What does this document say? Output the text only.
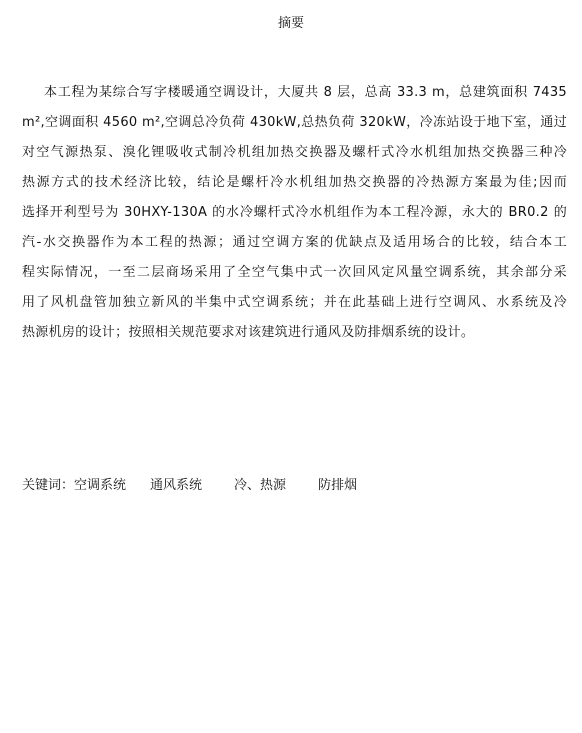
摘要
本工程为某综合写字楼暖通空调设计，大厦共 8 层，总高 33.3 m，总建筑面积 7435
m²,空调面积 4560 m²,空调总冷负荷 430kW,总热负荷 320kW，冷冻站设于地下室，通过
对空气源热泵、溴化锂吸收式制冷机组加热交换器及螺杆式冷水机组加热交换器三种冷
热源方式的技术经济比较，结论是螺杆冷水机组加热交换器的冷热源方案最为佳;因而
选择开利型号为 30HXY-130A 的水冷螺杆式冷水机组作为本工程冷源，永大的 BR0.2 的
汽-水交换器作为本工程的热源；通过空调方案的优缺点及适用场合的比较，结合本工
程实际情况，一至二层商场采用了全空气集中式一次回风定风量空调系统，其余部分采
用了风机盘管加独立新风的半集中式空调系统；并在此基础上进行空调风、水系统及冷
热源机房的设计；按照相关规范要求对该建筑进行通风及防排烟系统的设计。
关键词：空调系统 通风系统 冷、热源 防排烟
